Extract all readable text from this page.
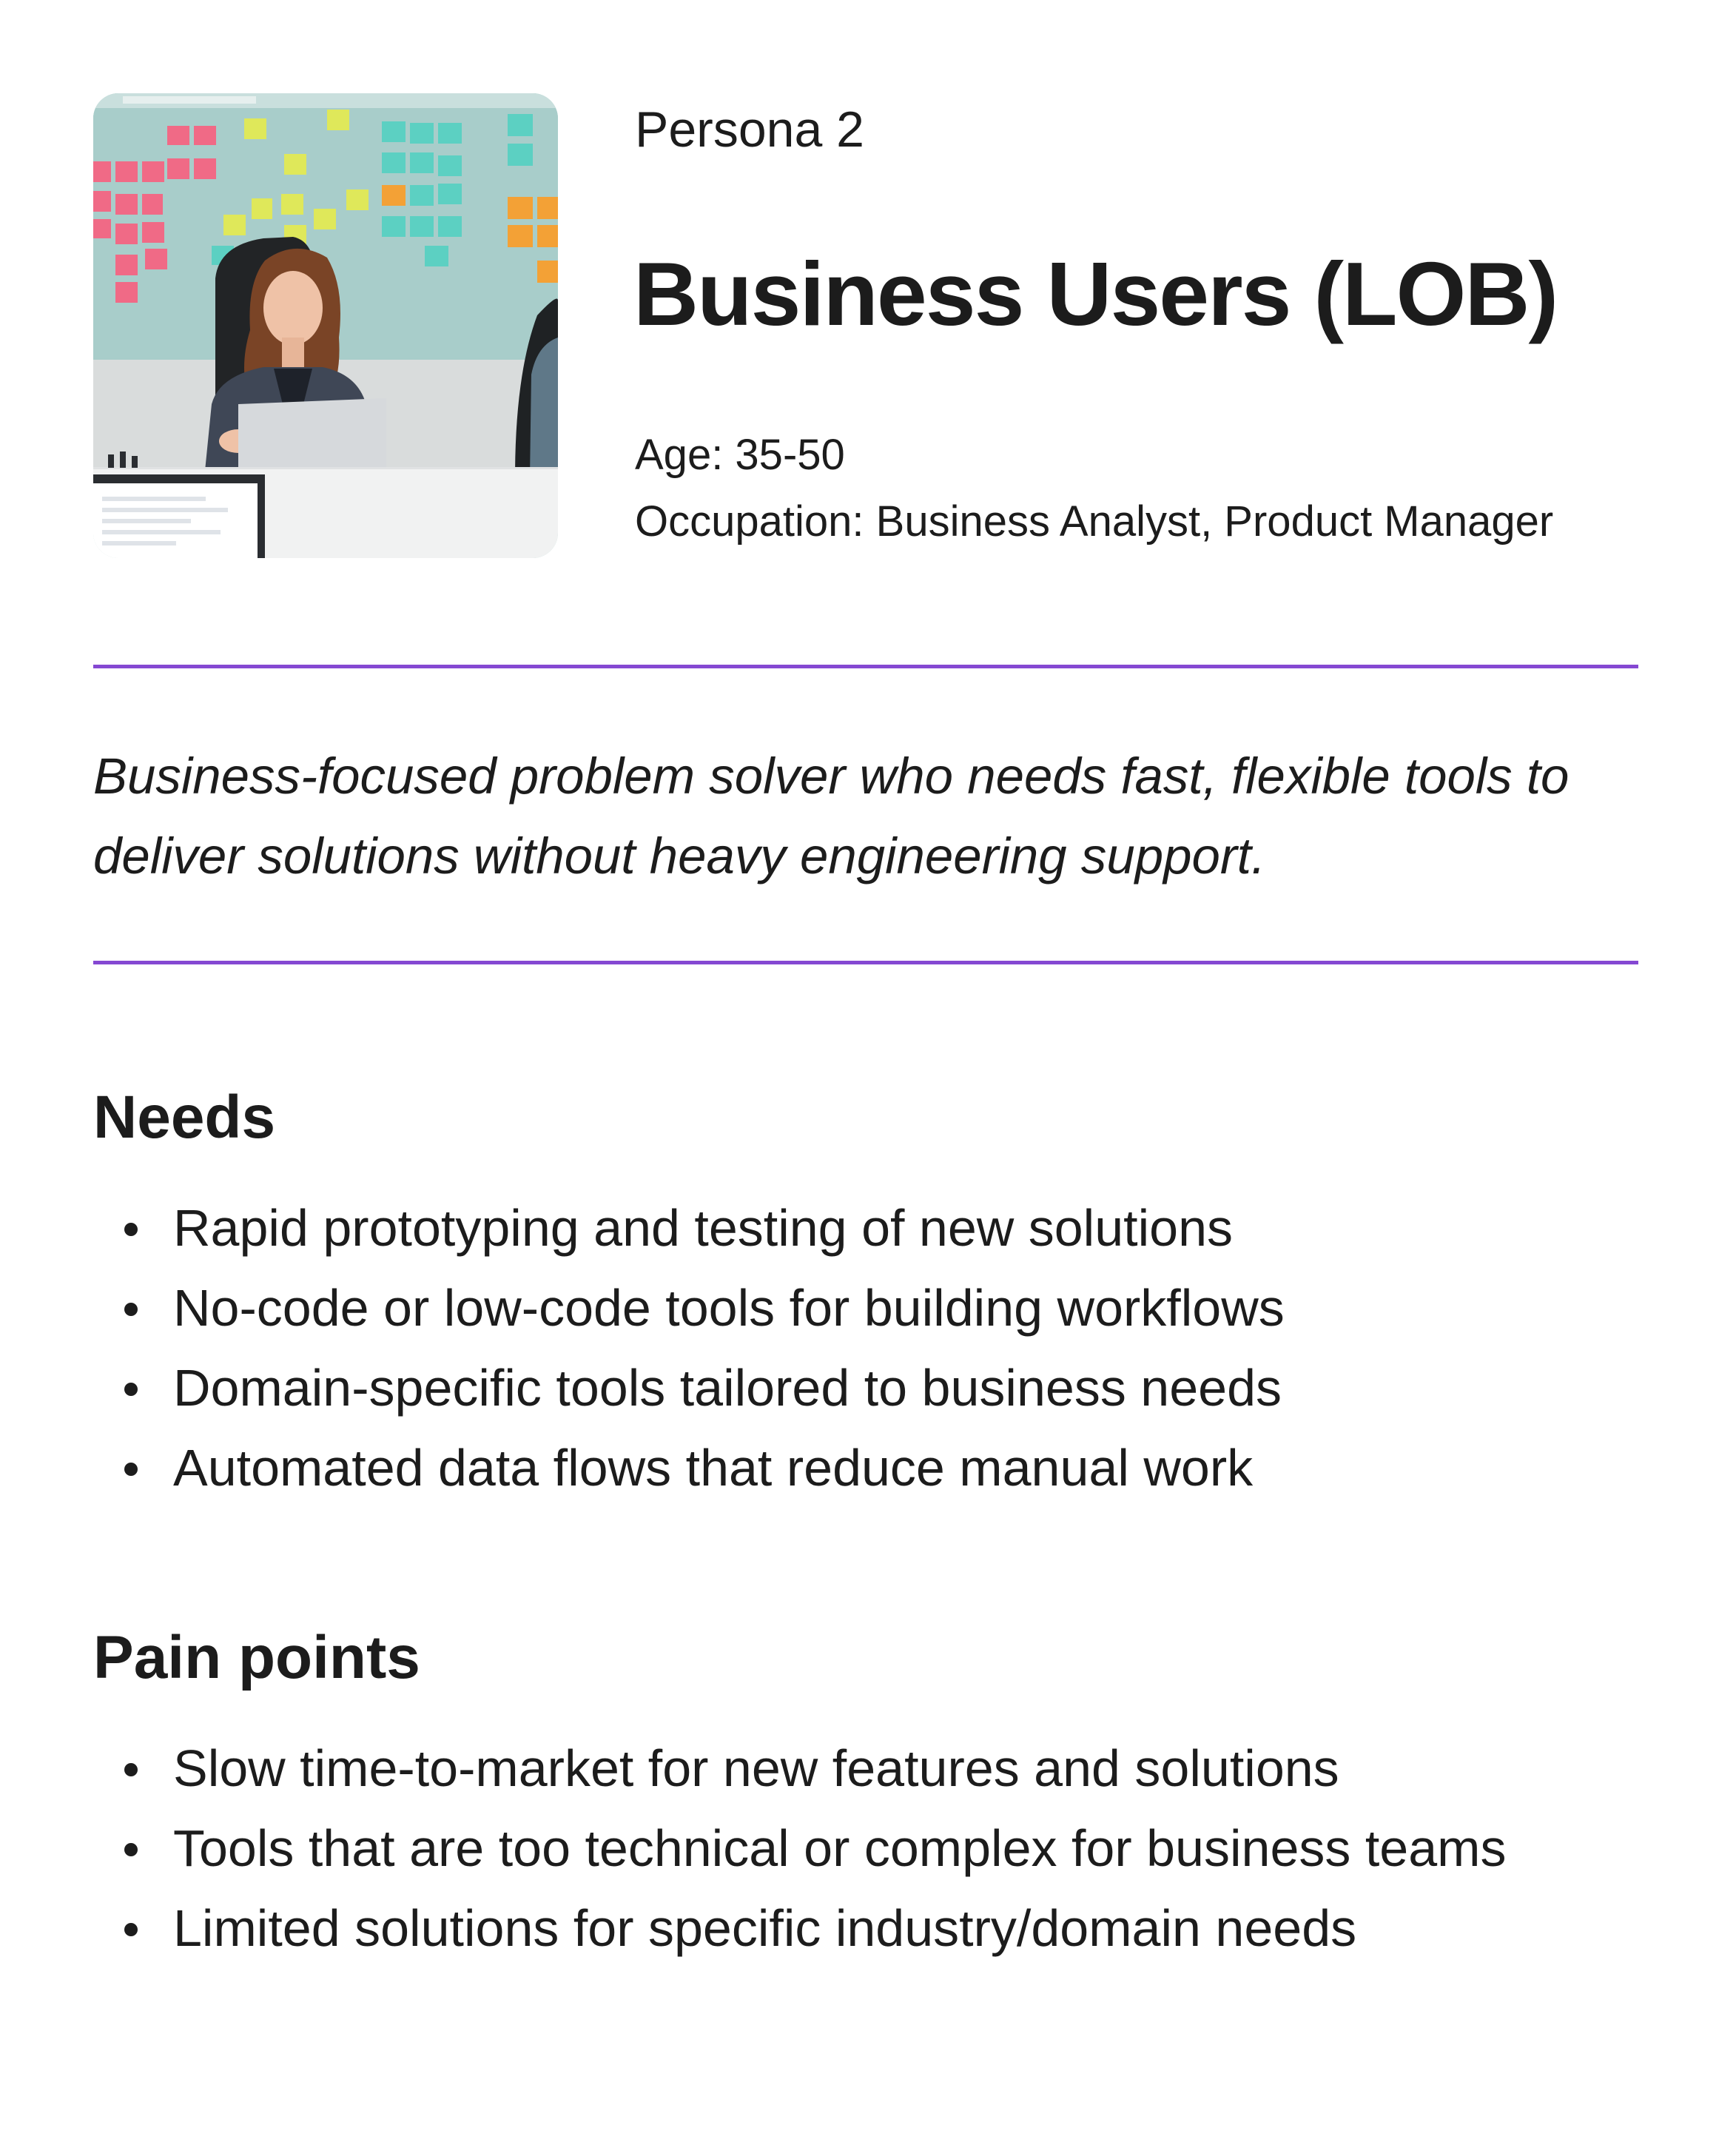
Persona 2

Business Users (LOB)

Age: 35-50
Occupation: Business Analyst, Product Manager

Business-focused problem solver who needs fast, flexible tools to deliver solutions without heavy engineering support.

Needs
Rapid prototyping and testing of new solutions
No-code or low-code tools for building workflows
Domain-specific tools tailored to business needs
Automated data flows that reduce manual work
Pain points
Slow time-to-market for new features and solutions
Tools that are too technical or complex for business teams
Limited solutions for specific industry/domain needs
